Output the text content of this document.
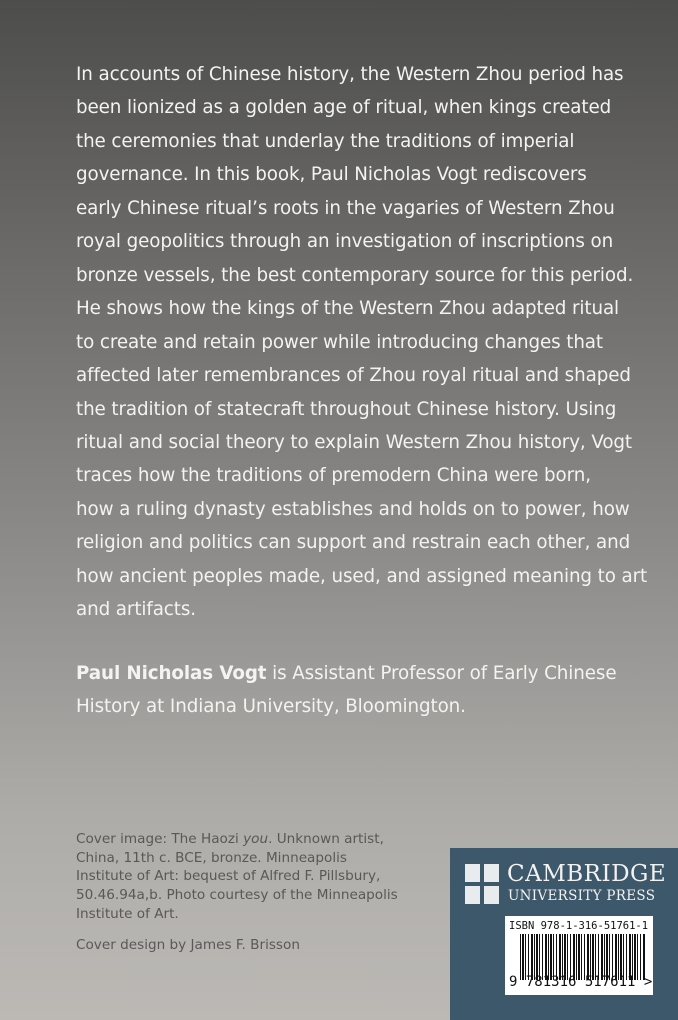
In accounts of Chinese history, the Western Zhou period has
been lionized as a golden age of ritual, when kings created
the ceremonies that underlay the traditions of imperial
governance. In this book, Paul Nicholas Vogt rediscovers
early Chinese ritual’s roots in the vagaries of Western Zhou
royal geopolitics through an investigation of inscriptions on
bronze vessels, the best contemporary source for this period.
He shows how the kings of the Western Zhou adapted ritual
to create and retain power while introducing changes that
affected later remembrances of Zhou royal ritual and shaped
the tradition of statecraft throughout Chinese history. Using
ritual and social theory to explain Western Zhou history, Vogt
traces how the traditions of premodern China were born,
how a ruling dynasty establishes and holds on to power, how
religion and politics can support and restrain each other, and
how ancient peoples made, used, and assigned meaning to art
and artifacts.
Paul Nicholas Vogt is Assistant Professor of Early Chinese
History at Indiana University, Bloomington.
Cover image: The Haozi you. Unknown artist,
China, 11th c. BCE, bronze. Minneapolis
Institute of Art: bequest of Alfred F. Pillsbury,
50.46.94a,b. Photo courtesy of the Minneapolis
Institute of Art.
Cover design by James F. Brisson
CAMBRIDGE
UNIVERSITY PRESS
ISBN 978-1-316-51761-1
9 781316 517611 >
